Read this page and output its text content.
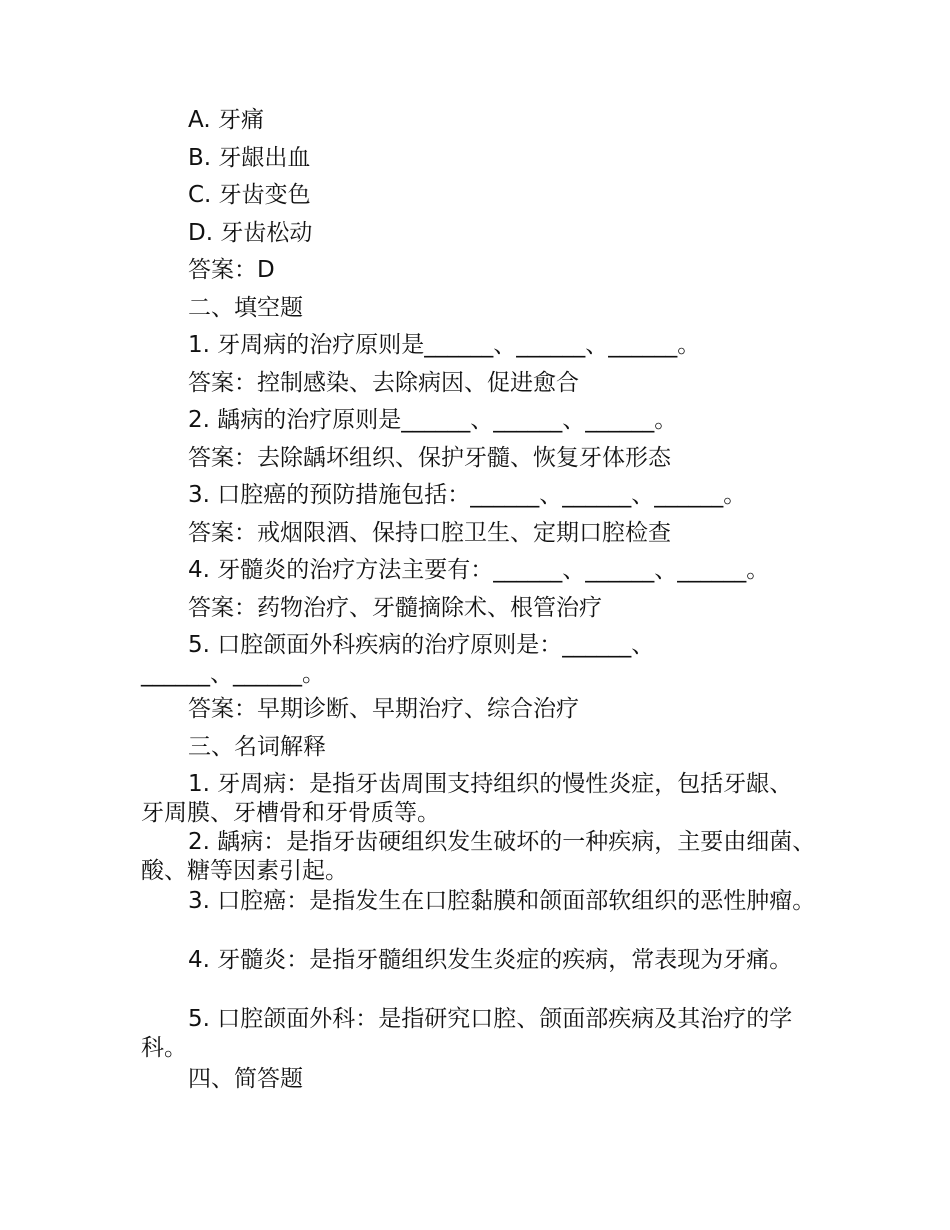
A. 牙痛
B. 牙龈出血
C. 牙齿变色
D. 牙齿松动
答案：D
二、填空题
1. 牙周病的治疗原则是______、______、______。
答案：控制感染、去除病因、促进愈合
2. 龋病的治疗原则是______、______、______。
答案：去除龋坏组织、保护牙髓、恢复牙体形态
3. 口腔癌的预防措施包括：______、______、______。
答案：戒烟限酒、保持口腔卫生、定期口腔检查
4. 牙髓炎的治疗方法主要有：______、______、______。
答案：药物治疗、牙髓摘除术、根管治疗
5. 口腔颌面外科疾病的治疗原则是：______、______、______。
答案：早期诊断、早期治疗、综合治疗
三、名词解释
1. 牙周病：是指牙齿周围支持组织的慢性炎症，包括牙龈、牙周膜、牙槽骨和牙骨质等。
2. 龋病：是指牙齿硬组织发生破坏的一种疾病，主要由细菌、酸、糖等因素引起。
3. 口腔癌：是指发生在口腔黏膜和颌面部软组织的恶性肿瘤。
4. 牙髓炎：是指牙髓组织发生炎症的疾病，常表现为牙痛。
5. 口腔颌面外科：是指研究口腔、颌面部疾病及其治疗的学科。
四、简答题
